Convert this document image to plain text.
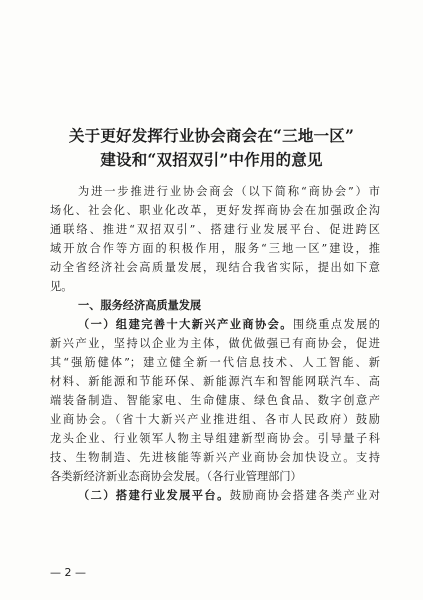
关于更好发挥行业协会商会在“三地一区”
建设和“双招双引”中作用的意见
为进一步推进行业协会商会（以下简称“商协会”）市
场化、社会化、职业化改革，更好发挥商协会在加强政企沟
通联络、推进“双招双引”、搭建行业发展平台、促进跨区
域开放合作等方面的积极作用，服务“三地一区”建设，推
动全省经济社会高质量发展，现结合我省实际，提出如下意
见。
一、服务经济高质量发展
（一）组建完善十大新兴产业商协会。围绕重点发展的
新兴产业，坚持以企业为主体，做优做强已有商协会，促进
其“强筋健体”；建立健全新一代信息技术、人工智能、新
材料、新能源和节能环保、新能源汽车和智能网联汽车、高
端装备制造、智能家电、生命健康、绿色食品、数字创意产
业商协会。（省十大新兴产业推进组、各市人民政府）鼓励
龙头企业、行业领军人物主导组建新型商协会。引导量子科
技、生物制造、先进核能等新兴产业商协会加快设立。支持
各类新经济新业态商协会发展。（各行业管理部门）
（二）搭建行业发展平台。鼓励商协会搭建各类产业对
— 2 —
